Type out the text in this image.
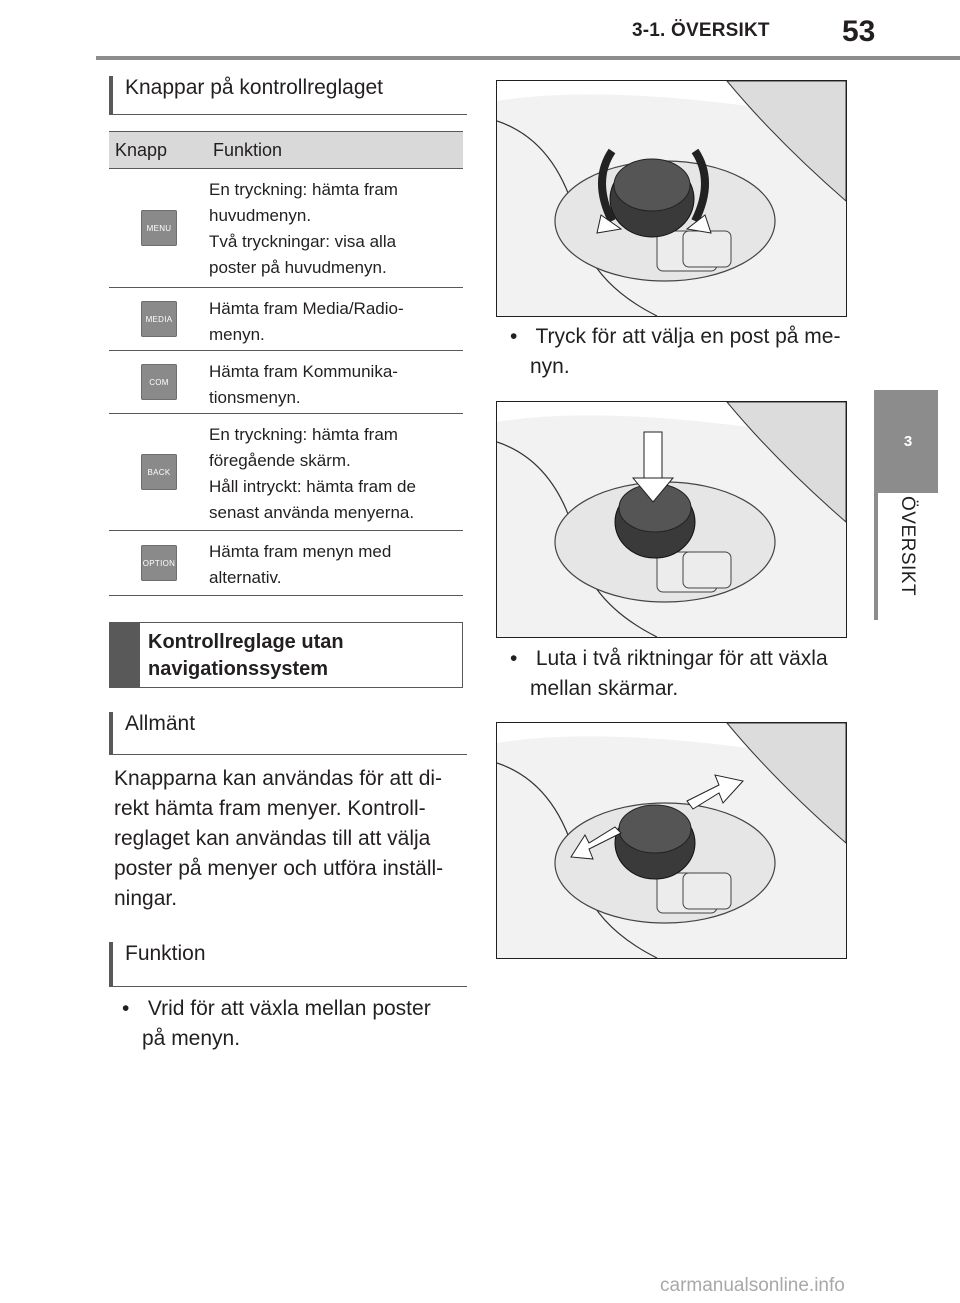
3-1. ÖVERSIKT 53
3
ÖVERSIKT
Knappar på kontrollreglaget
Knapp	Funktion
MENU
En tryckning: hämta fram
huvudmenyn.
Två tryckningar: visa alla
poster på huvudmenyn.
MEDIA
Hämta fram Media/Radio-
menyn.
COM
Hämta fram Kommunika-
tionsmenyn.
BACK
En tryckning: hämta fram
föregående skärm.
Håll intryckt: hämta fram de
senast använda menyerna.
OPTION
Hämta fram menyn med
alternativ.
Kontrollreglage utan
navigationssystem
Allmänt
Knapparna kan användas för att di-
rekt hämta fram menyer. Kontroll-
reglaget kan användas till att välja
poster på menyer och utföra inställ-
ningar.
Funktion
• Vrid för att växla mellan poster
på menyn.
• Tryck för att välja en post på me-
nyn.
• Luta i två riktningar för att växla
mellan skärmar.
carmanualsonline.info
